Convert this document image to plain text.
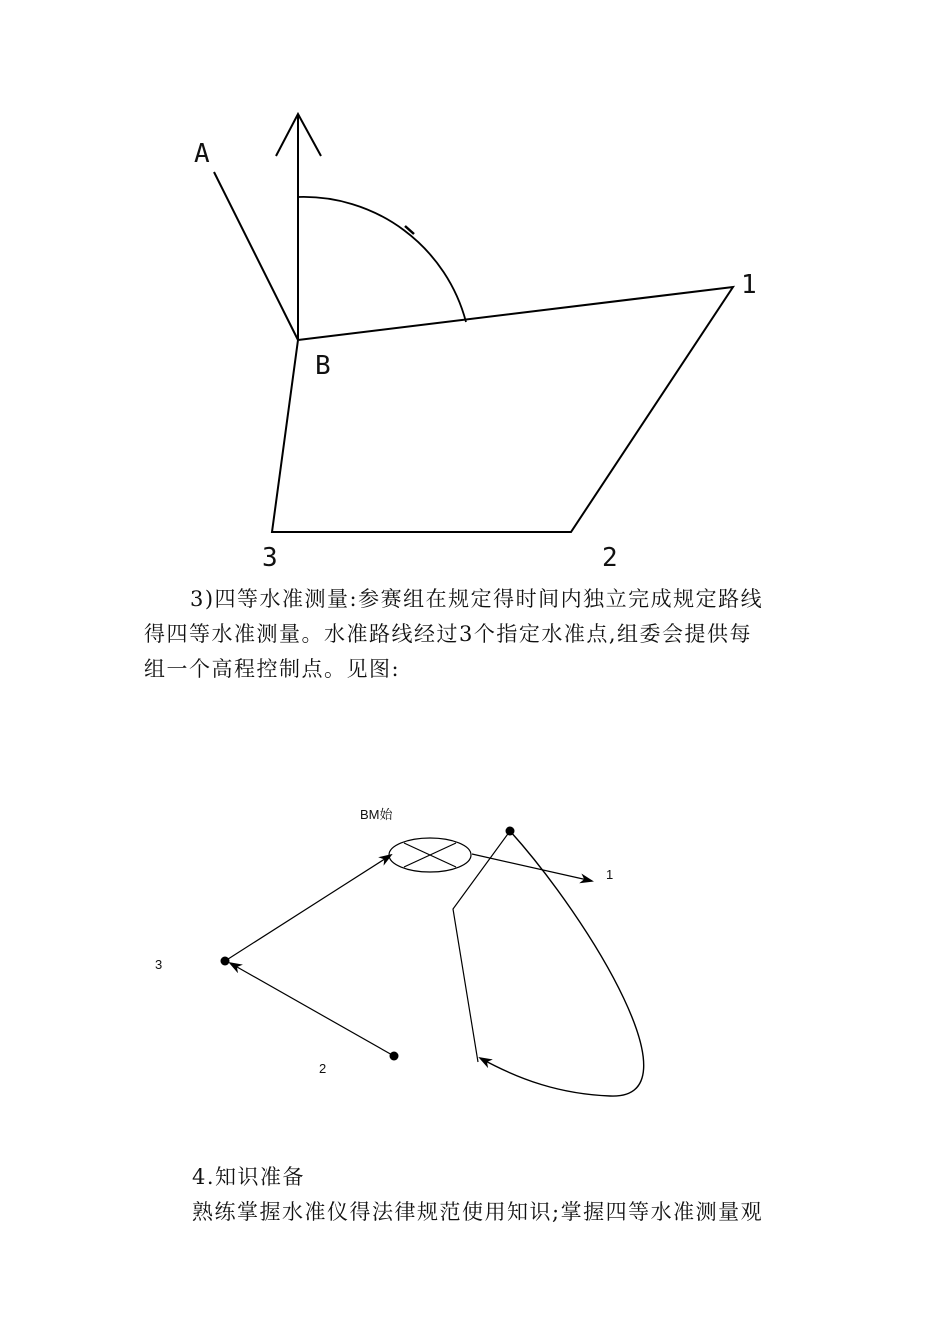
A
B
1
2
3
3)四等水准测量:参赛组在规定得时间内独立完成规定路线
得四等水准测量。水准路线经过3个指定水准点,组委会提供每
组一个高程控制点。见图:
BM始
1
2
3
4.知识准备
熟练掌握水准仪得法律规范使用知识;掌握四等水准测量观
